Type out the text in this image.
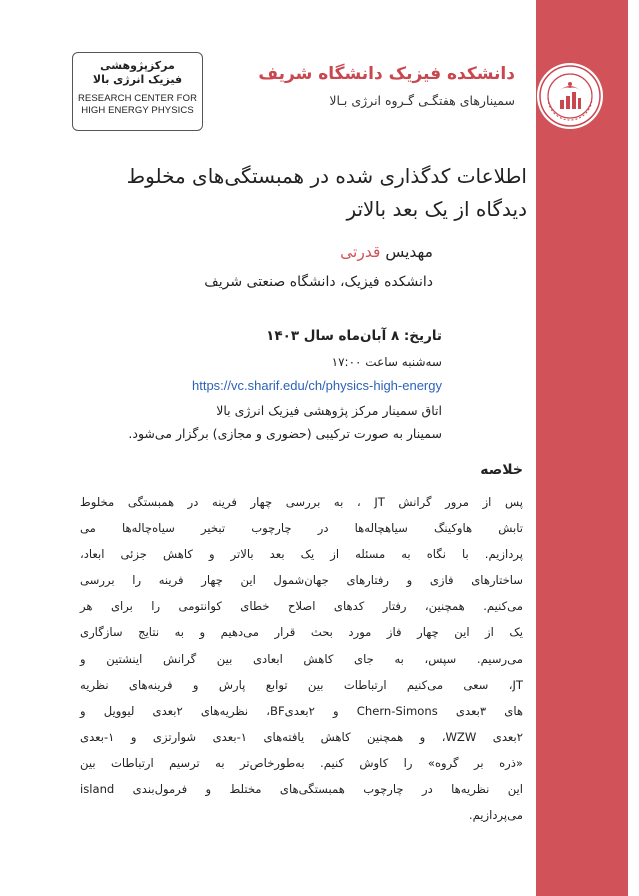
مرکزپژوهشی
فیزیک انرژی بالا
RESEARCH CENTER FOR
HIGH ENERGY PHYSICS
دانشکده فیزیک دانشگاه شریف
سمینارهای هفتگـی گـروه انرژی بـالا
اطلاعات کدگذاری شده در همبستگی‌های مخلوط
دیدگاه از یک بعد بالاتر
مهدیس قدرتی
دانشکده فیزیک، دانشگاه صنعتی شریف
تاریخ: ۸ آبان‌ماه سال ۱۴۰۳
سه‌شنبه ساعت ۱۷:۰۰
https://vc.sharif.edu/ch/physics-high-energy
اتاق سمینار مرکز پژوهشی فیزیک انرژی بالا
سمینار به صورت ترکیبی (حضوری و مجازی) برگزار می‌شود.
خلاصه
پس از مرور گرانش JT ، به بررسی چهار فرینه در همبستگی مخلوط
تابش هاوکینگ سیاهچاله‌ها در چارچوب تبخیر سیاه‌چاله‌ها می
پردازیم. با نگاه به مسئله از یک بعد بالاتر و کاهش جزئی ابعاد،
ساختارهای فازی و رفتارهای جهان‌شمول این چهار فرینه را بررسی
می‌کنیم. همچنین، رفتار کدهای اصلاح خطای کوانتومی را برای هر
یک از این چهار فاز مورد بحث قرار می‌دهیم و به نتایج سازگاری
می‌رسیم. سپس، به جای کاهش ابعادی بین گرانش اینشتین و
JT، سعی می‌کنیم ارتباطات بین توابع پارش و فرینه‌های نظریه
های ۳بعدی Chern-Simons و ۲بعدیBF، نظریه‌های ۲بعدی لیوویل و
۲بعدی WZW، و همچنین کاهش یافته‌های ۱-بعدی شوارتزی و ۱-بعدی
«ذره بر گروه» را کاوش کنیم. به‌طورخاص‌تر به ترسیم ارتباطات بین
این نظریه‌ها در چارچوب همبستگی‌های مختلط و فرمول‌بندی island
می‌پردازیم.
